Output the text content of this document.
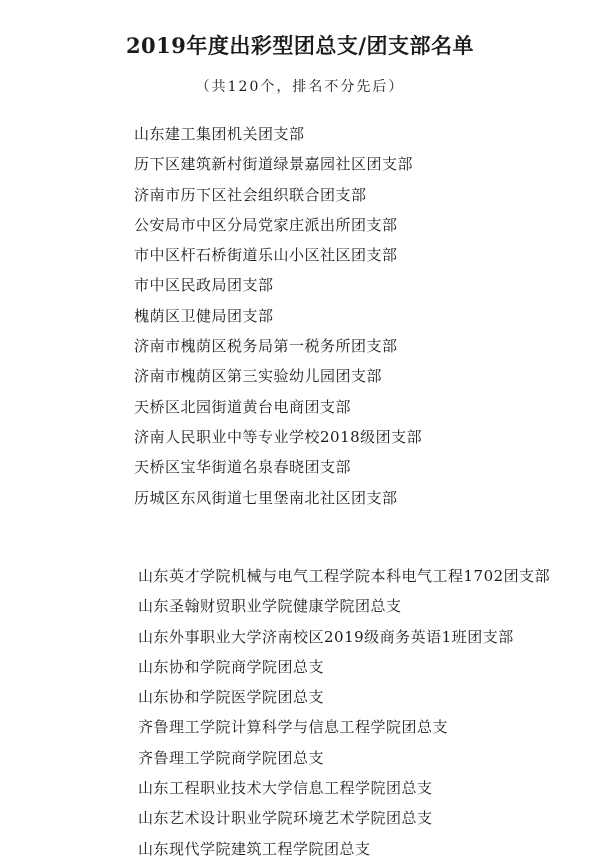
2019年度出彩型团总支/团支部名单
（共120个，排名不分先后）
山东建工集团机关团支部
历下区建筑新村街道绿景嘉园社区团支部
济南市历下区社会组织联合团支部
公安局市中区分局党家庄派出所团支部
市中区杆石桥街道乐山小区社区团支部
市中区民政局团支部
槐荫区卫健局团支部
济南市槐荫区税务局第一税务所团支部
济南市槐荫区第三实验幼儿园团支部
天桥区北园街道黄台电商团支部
济南人民职业中等专业学校2018级团支部
天桥区宝华街道名泉春晓团支部
历城区东风街道七里堡南北社区团支部
山东英才学院机械与电气工程学院本科电气工程1702团支部
山东圣翰财贸职业学院健康学院团总支
山东外事职业大学济南校区2019级商务英语1班团支部
山东协和学院商学院团总支
山东协和学院医学院团总支
齐鲁理工学院计算科学与信息工程学院团总支
齐鲁理工学院商学院团总支
山东工程职业技术大学信息工程学院团总支
山东艺术设计职业学院环境艺术学院团总支
山东现代学院建筑工程学院团总支
